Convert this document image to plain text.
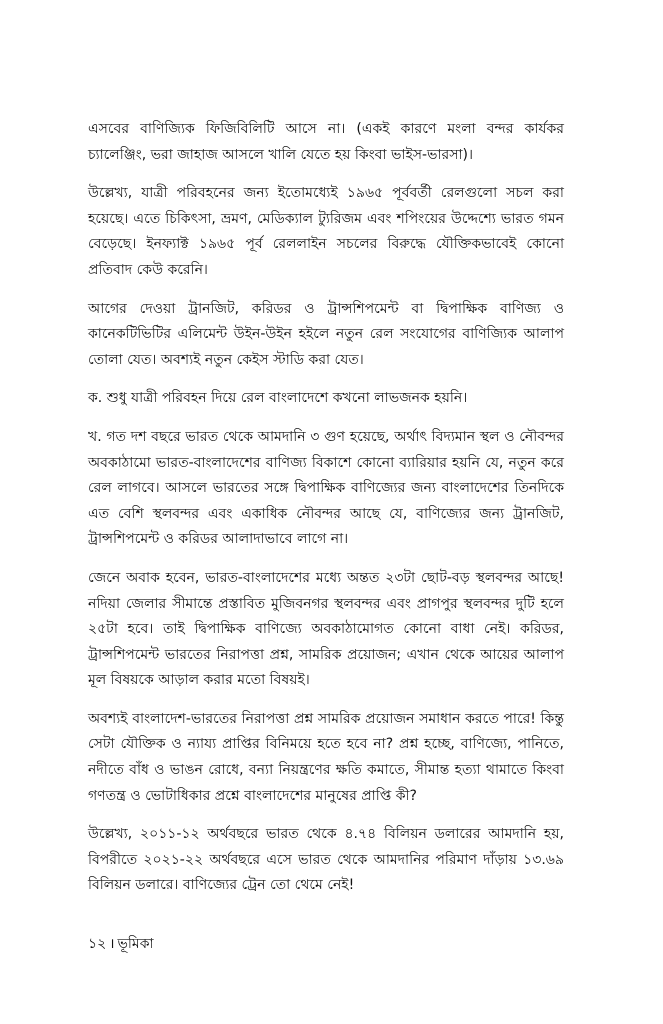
এসবের বাণিজ্যিক ফিজিবিলিটি আসে না। (একই কারণে মংলা বন্দর কার্যকর চ্যালেঞ্জিং, ভরা জাহাজ আসলে খালি যেতে হয় কিংবা ভাইস-ভারসা)।

উল্লেখ্য, যাত্রী পরিবহনের জন্য ইতোমধ্যেই ১৯৬৫ পূর্ববর্তী রেলগুলো সচল করা হয়েছে। এতে চিকিৎসা, ভ্রমণ, মেডিক্যাল ট্যুরিজম এবং শপিংয়ের উদ্দেশ্যে ভারত গমন বেড়েছে। ইনফ্যাক্ট ১৯৬৫ পূর্ব রেললাইন সচলের বিরুদ্ধে যৌক্তিকভাবেই কোনো প্রতিবাদ কেউ করেনি।

আগের দেওয়া ট্রানজিট, করিডর ও ট্রান্সশিপমেন্ট বা দ্বিপাক্ষিক বাণিজ্য ও কানেকটিভিটির এলিমেন্ট উইন-উইন হইলে নতুন রেল সংযোগের বাণিজ্যিক আলাপ তোলা যেত। অবশ্যই নতুন কেইস স্টাডি করা যেত।

ক. শুধু যাত্রী পরিবহন দিয়ে রেল বাংলাদেশে কখনো লাভজনক হয়নি।

খ. গত দশ বছরে ভারত থেকে আমদানি ৩ গুণ হয়েছে, অর্থাৎ বিদ্যমান স্থল ও নৌবন্দর অবকাঠামো ভারত-বাংলাদেশের বাণিজ্য বিকাশে কোনো ব্যারিয়ার হয়নি যে, নতুন করে রেল লাগবে। আসলে ভারতের সঙ্গে দ্বিপাক্ষিক বাণিজ্যের জন্য বাংলাদেশের তিনদিকে এত বেশি স্থলবন্দর এবং একাধিক নৌবন্দর আছে যে, বাণিজ্যের জন্য ট্রানজিট, ট্রান্সশিপমেন্ট ও করিডর আলাদাভাবে লাগে না।

জেনে অবাক হবেন, ভারত-বাংলাদেশের মধ্যে অন্তত ২৩টা ছোট-বড় স্থলবন্দর আছে! নদিয়া জেলার সীমান্তে প্রস্তাবিত মুজিবনগর স্থলবন্দর এবং প্রাগপুর স্থলবন্দর দুটি হলে ২৫টা হবে। তাই দ্বিপাক্ষিক বাণিজ্যে অবকাঠামোগত কোনো বাধা নেই। করিডর, ট্রান্সশিপমেন্ট ভারতের নিরাপত্তা প্রশ্ন, সামরিক প্রয়োজন; এখান থেকে আয়ের আলাপ মূল বিষয়কে আড়াল করার মতো বিষয়ই।

অবশ্যই বাংলাদেশ-ভারতের নিরাপত্তা প্রশ্ন সামরিক প্রয়োজন সমাধান করতে পারে! কিন্তু সেটা যৌক্তিক ও ন্যায্য প্রাপ্তির বিনিময়ে হতে হবে না? প্রশ্ন হচ্ছে, বাণিজ্যে, পানিতে, নদীতে বাঁধ ও ভাঙন রোধে, বন্যা নিয়ন্ত্রণের ক্ষতি কমাতে, সীমান্ত হত্যা থামাতে কিংবা গণতন্ত্র ও ভোটাধিকার প্রশ্নে বাংলাদেশের মানুষের প্রাপ্তি কী?

উল্লেখ্য, ২০১১-১২ অর্থবছরে ভারত থেকে ৪.৭৪ বিলিয়ন ডলারের আমদানি হয়, বিপরীতে ২০২১-২২ অর্থবছরে এসে ভারত থেকে আমদানির পরিমাণ দাঁড়ায় ১৩.৬৯ বিলিয়ন ডলারে। বাণিজ্যের ট্রেন তো থেমে নেই!

১২ । ভূমিকা
